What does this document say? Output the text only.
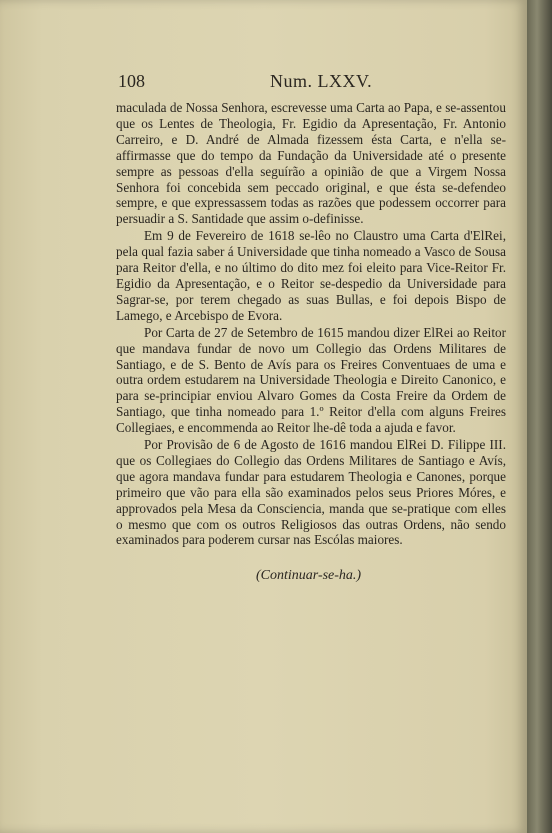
108	Num. LXXV.

maculada de Nossa Senhora, escrevesse uma Carta ao Papa, e se-assentou que os Lentes de Theologia, Fr. Egidio da Apresentação, Fr. Antonio Carreiro, e D. André de Almada fizessem ésta Carta, e n'ella se-affirmasse que do tempo da Fundação da Universidade até o presente sempre as pessoas d'ella seguírão a opinião de que a Virgem Nossa Senhora foi concebida sem peccado original, e que ésta se-defendeo sempre, e que expressassem todas as razões que podessem occorrer para persuadir a S. Santidade que assim o-definisse.

Em 9 de Fevereiro de 1618 se-lêo no Claustro uma Carta d'ElRei, pela qual fazia saber á Universidade que tinha nomeado a Vasco de Sousa para Reitor d'ella, e no último do dito mez foi eleito para Vice-Reitor Fr. Egidio da Apresentação, e o Reitor se-despedio da Universidade para Sagrar-se, por terem chegado as suas Bullas, e foi depois Bispo de Lamego, e Arcebispo de Evora.

Por Carta de 27 de Setembro de 1615 mandou dizer ElRei ao Reitor que mandava fundar de novo um Collegio das Ordens Militares de Santiago, e de S. Bento de Avís para os Freires Conventuaes de uma e outra ordem estudarem na Universidade Theologia e Direito Canonico, e para se-principiar enviou Alvaro Gomes da Costa Freire da Ordem de Santiago, que tinha nomeado para 1.º Reitor d'ella com alguns Freires Collegiaes, e encommenda ao Reitor lhe-dê toda a ajuda e favor.

Por Provisão de 6 de Agosto de 1616 mandou ElRei D. Filippe III. que os Collegiaes do Collegio das Ordens Militares de Santiago e Avís, que agora mandava fundar para estudarem Theologia e Canones, porque primeiro que vão para ella são examinados pelos seus Priores Móres, e approvados pela Mesa da Consciencia, manda que se-pratique com elles o mesmo que com os outros Religiosos das outras Ordens, não sendo examinados para poderem cursar nas Escólas maiores.

(Continuar-se-ha.)
